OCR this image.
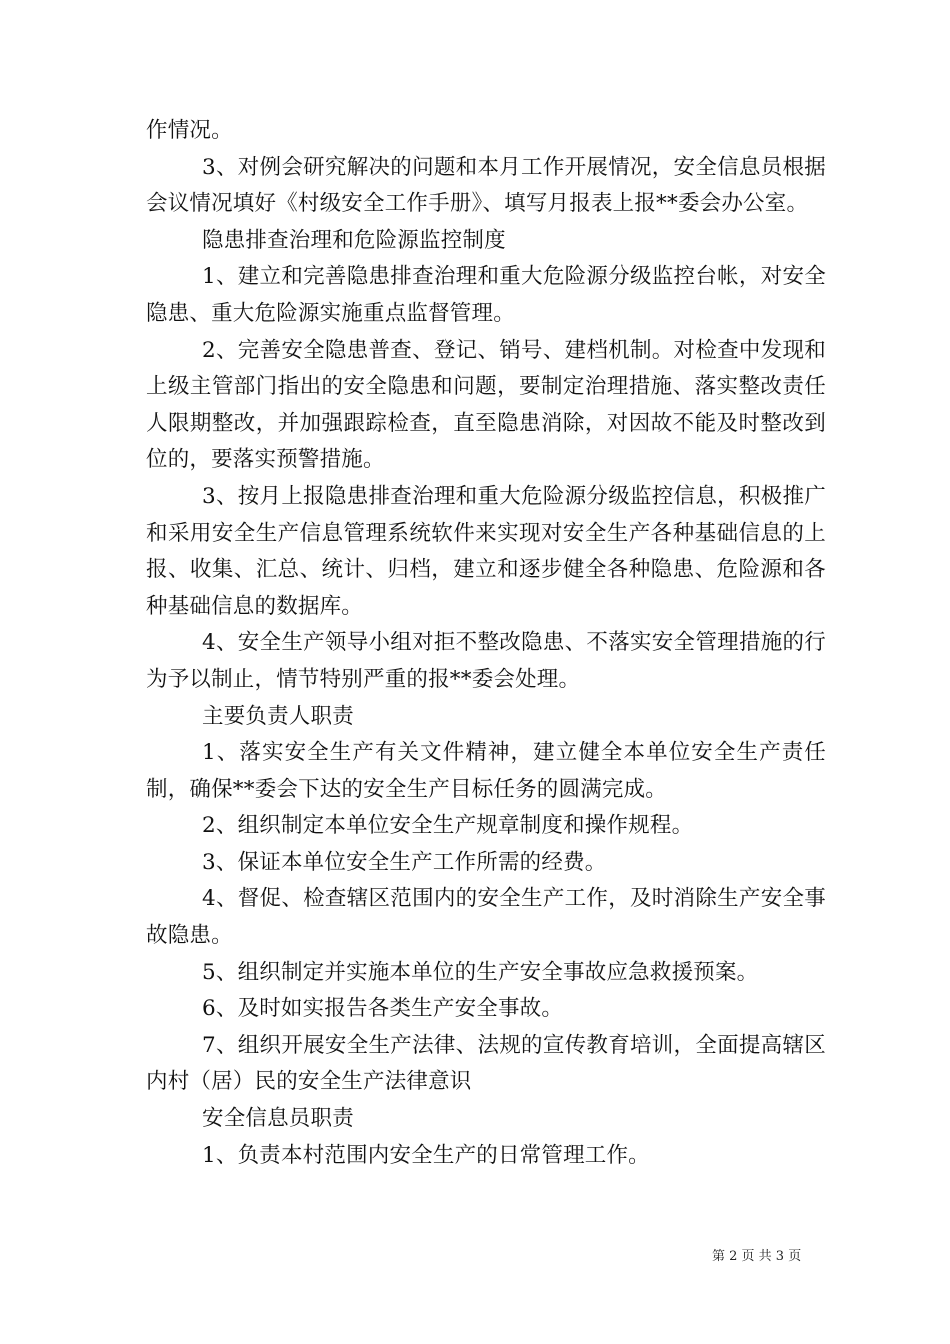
作情况。

3、对例会研究解决的问题和本月工作开展情况，安全信息员根据会议情况填好《村级安全工作手册》、填写月报表上报**委会办公室。

隐患排查治理和危险源监控制度

1、建立和完善隐患排查治理和重大危险源分级监控台帐，对安全隐患、重大危险源实施重点监督管理。

2、完善安全隐患普查、登记、销号、建档机制。对检查中发现和上级主管部门指出的安全隐患和问题，要制定治理措施、落实整改责任人限期整改，并加强跟踪检查，直至隐患消除，对因故不能及时整改到位的，要落实预警措施。

3、按月上报隐患排查治理和重大危险源分级监控信息，积极推广和采用安全生产信息管理系统软件来实现对安全生产各种基础信息的上报、收集、汇总、统计、归档，建立和逐步健全各种隐患、危险源和各种基础信息的数据库。

4、安全生产领导小组对拒不整改隐患、不落实安全管理措施的行为予以制止，情节特别严重的报**委会处理。

主要负责人职责

1、落实安全生产有关文件精神，建立健全本单位安全生产责任制，确保**委会下达的安全生产目标任务的圆满完成。

2、组织制定本单位安全生产规章制度和操作规程。

3、保证本单位安全生产工作所需的经费。

4、督促、检查辖区范围内的安全生产工作，及时消除生产安全事故隐患。

5、组织制定并实施本单位的生产安全事故应急救援预案。

6、及时如实报告各类生产安全事故。

7、组织开展安全生产法律、法规的宣传教育培训，全面提高辖区内村（居）民的安全生产法律意识

安全信息员职责

1、负责本村范围内安全生产的日常管理工作。

第 2 页 共 3 页
